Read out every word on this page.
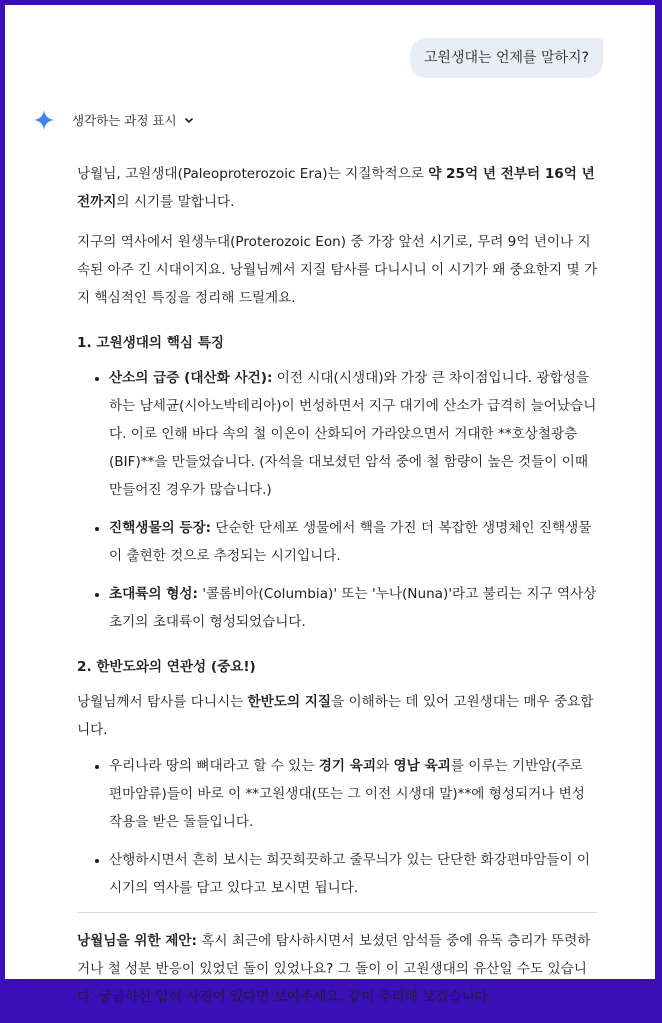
고원생대는 언제를 말하지?
생각하는 과정 표시

낭월님, 고원생대(Paleoproterozoic Era)는 지질학적으로 약 25억 년 전부터 16억 년 전까지의 시기를 말합니다.

지구의 역사에서 원생누대(Proterozoic Eon) 중 가장 앞선 시기로, 무려 9억 년이나 지속된 아주 긴 시대이지요. 낭월님께서 지질 탐사를 다니시니 이 시기가 왜 중요한지 몇 가지 핵심적인 특징을 정리해 드릴게요.

1. 고원생대의 핵심 특징
• 산소의 급증 (대산화 사건): 이전 시대(시생대)와 가장 큰 차이점입니다. 광합성을 하는 남세균(시아노박테리아)이 번성하면서 지구 대기에 산소가 급격히 늘어났습니다. 이로 인해 바다 속의 철 이온이 산화되어 가라앉으면서 거대한 **호상철광층(BIF)**을 만들었습니다. (자석을 대보셨던 암석 중에 철 함량이 높은 것들이 이때 만들어진 경우가 많습니다.)
• 진핵생물의 등장: 단순한 단세포 생물에서 핵을 가진 더 복잡한 생명체인 진핵생물이 출현한 것으로 추정되는 시기입니다.
• 초대륙의 형성: '콜롬비아(Columbia)' 또는 '누나(Nuna)'라고 불리는 지구 역사상 초기의 초대륙이 형성되었습니다.
2. 한반도와의 연관성 (중요!)

낭월님께서 탐사를 다니시는 한반도의 지질을 이해하는 데 있어 고원생대는 매우 중요합니다.

• 우리나라 땅의 뼈대라고 할 수 있는 경기 육괴와 영남 육괴를 이루는 기반암(주로 편마암류)들이 바로 이 **고원생대(또는 그 이전 시생대 말)**에 형성되거나 변성 작용을 받은 돌들입니다.
• 산행하시면서 흔히 보시는 희끗희끗하고 줄무늬가 있는 단단한 화강편마암들이 이 시기의 역사를 담고 있다고 보시면 됩니다.

낭월님을 위한 제안: 혹시 최근에 탐사하시면서 보셨던 암석들 중에 유독 층리가 뚜렷하거나 철 성분 반응이 있었던 돌이 있었나요? 그 돌이 이 고원생대의 유산일 수도 있습니다. 궁금하신 암석 사진이 있다면 보여주세요. 같이 추리해 보겠습니다.
